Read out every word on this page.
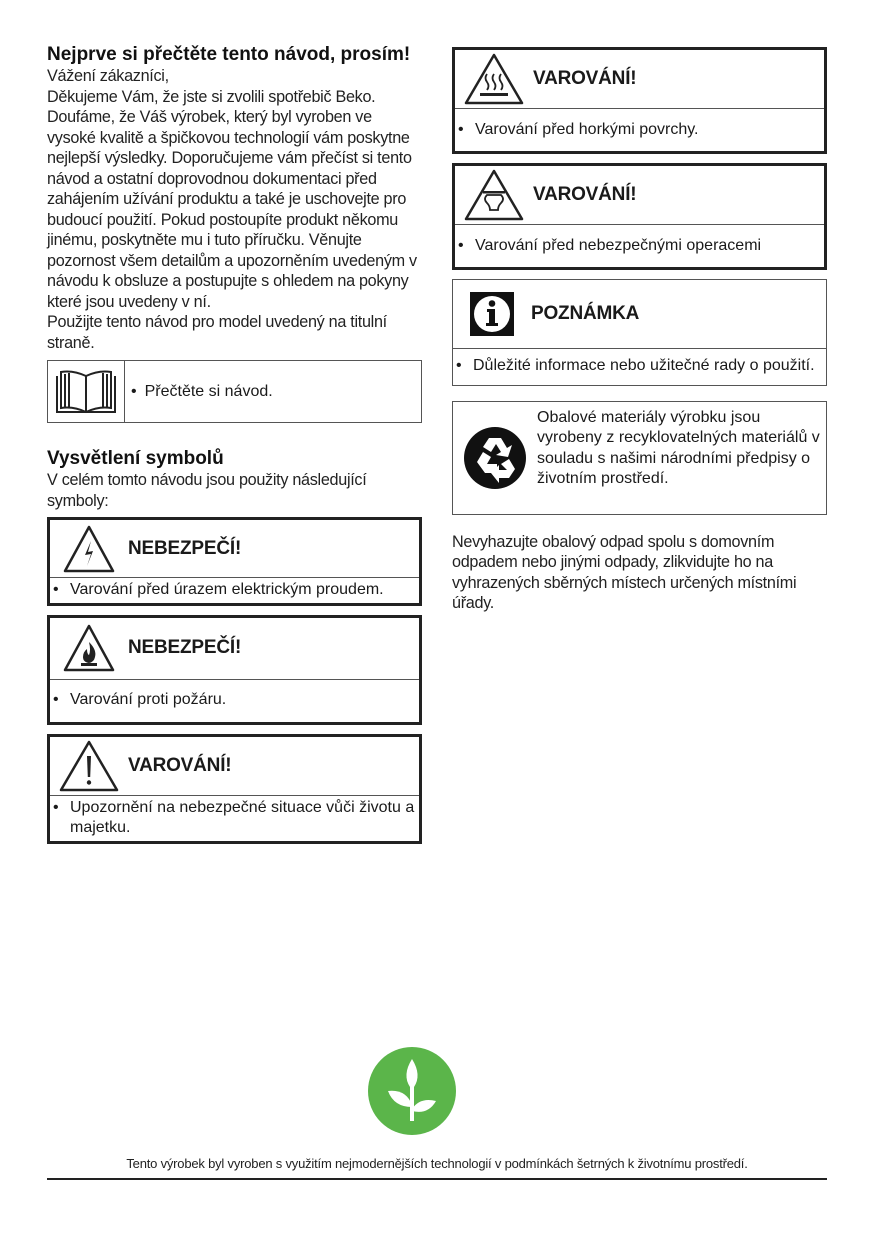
Nejprve si přečtěte tento návod, prosím!

Vážení zákazníci,

Děkujeme Vám, že jste si zvolili spotřebič Beko. Doufáme, že Váš výrobek, který byl vyroben ve vysoké kvalitě a špičkovou technologií vám poskytne nejlepší výsledky. Doporučujeme vám přečíst si tento návod a ostatní doprovodnou dokumentaci před zahájením užívání produktu a také je uschovejte pro budoucí použití. Pokud postoupíte produkt někomu jinému, poskytněte mu i tuto příručku. Věnujte pozornost všem detailům a upozorněním uvedeným v návodu k obsluze a postupujte s ohledem na pokyny které jsou uvedeny v ní.

Použijte tento návod pro model uvedený na titulní straně.

• Přečtěte si návod.
Vysvětlení symbolů
V celém tomto návodu jsou použity následující symboly:
NEBEZPEČÍ!
• Varování před úrazem elektrickým proudem.
NEBEZPEČÍ!
• Varování proti požáru.
VAROVÁNÍ!
• Upozornění na nebezpečné situace vůči životu a majetku.
VAROVÁNÍ!
• Varování před horkými povrchy.
VAROVÁNÍ!
• Varování před nebezpečnými operacemi
POZNÁMKA
• Důležité informace nebo užitečné rady o použití.
Obalové materiály výrobku jsou vyrobeny z recyklovatelných materiálů v souladu s našimi národními předpisy o životním prostředí.
Nevyhazujte obalový odpad spolu s domovním odpadem nebo jinými odpady, zlikvidujte ho na vyhrazených sběrných místech určených místními úřady.
Tento výrobek byl vyroben s využitím nejmodernějších technologií v podmínkách šetrných k životnímu prostředí.
